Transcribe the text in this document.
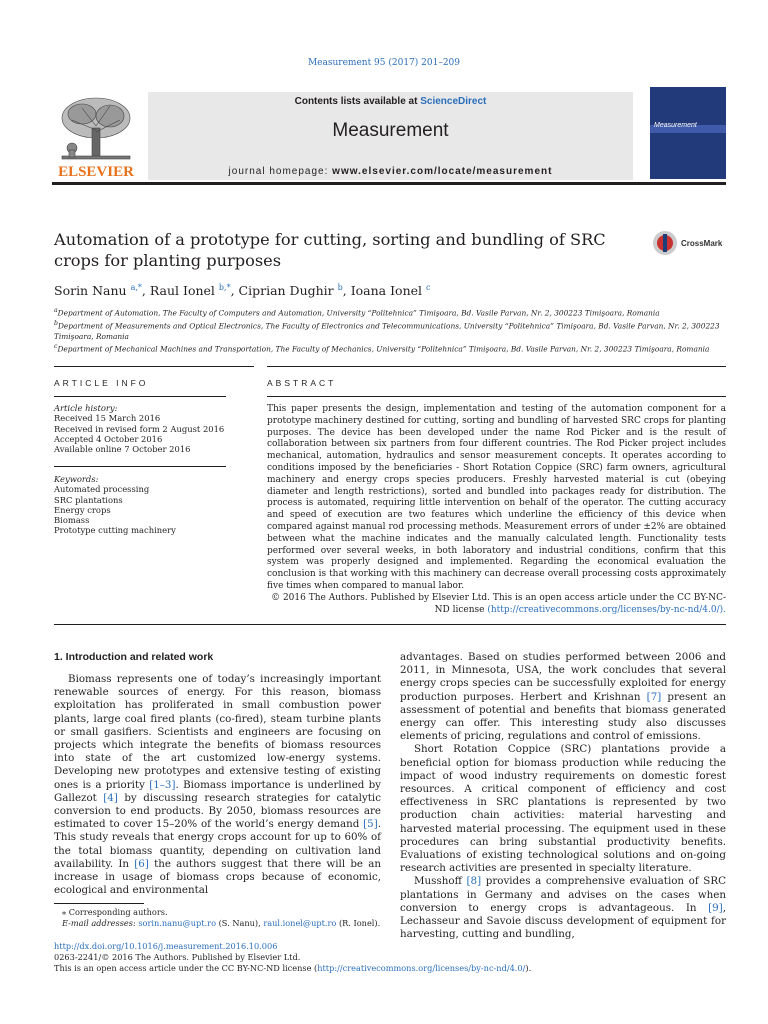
Measurement 95 (2017) 201–209
ELSEVIER
Contents lists available at ScienceDirect
Measurement
journal homepage: www.elsevier.com/locate/measurement
Measurement
Automation of a prototype for cutting, sorting and bundling of SRC crops for planting purposes
CrossMark
Sorin Nanu $^{a,*}$, Raul Ionel $^{b,*}$, Ciprian Dughir $^b$, Ioana Ionel $^c$
$^a$Department of Automation, The Faculty of Computers and Automation, University “Politehnica” Timişoara, Bd. Vasile Parvan, Nr. 2, 300223 Timişoara, Romania
$^b$Department of Measurements and Optical Electronics, The Faculty of Electronics and Telecommunications, University “Politehnica” Timişoara, Bd. Vasile Parvan, Nr. 2, 300223 Timişoara, Romania
$^c$Department of Mechanical Machines and Transportation, The Faculty of Mechanics, University “Politehnica” Timişoara, Bd. Vasile Parvan, Nr. 2, 300223 Timişoara, Romania
ARTICLE INFO
Article history:
Received 15 March 2016
Received in revised form 2 August 2016
Accepted 4 October 2016
Available online 7 October 2016
Keywords:
Automated processing
SRC plantations
Energy crops
Biomass
Prototype cutting machinery
ABSTRACT
This paper presents the design, implementation and testing of the automation component for a prototype machinery destined for cutting, sorting and bundling of harvested SRC crops for planting purposes. The device has been developed under the name Rod Picker and is the result of collaboration between six partners from four different countries. The Rod Picker project includes mechanical, automation, hydraulics and sensor measurement concepts. It operates according to conditions imposed by the beneficiaries - Short Rotation Coppice (SRC) farm owners, agricultural machinery and energy crops species producers. Freshly harvested material is cut (obeying diameter and length restrictions), sorted and bundled into packages ready for distribution. The process is automated, requiring little intervention on behalf of the operator. The cutting accuracy and speed of execution are two features which underline the efficiency of this device when compared against manual rod processing methods. Measurement errors of under ±2% are obtained between what the machine indicates and the manually calculated length. Functionality tests performed over several weeks, in both laboratory and industrial conditions, confirm that this system was properly designed and implemented. Regarding the economical evaluation the conclusion is that working with this machinery can decrease overall processing costs approximately five times when compared to manual labor.
© 2016 The Authors. Published by Elsevier Ltd. This is an open access article under the CC BY-NC-ND license (http://creativecommons.org/licenses/by-nc-nd/4.0/).
1. Introduction and related work

Biomass represents one of today’s increasingly important renewable sources of energy. For this reason, biomass exploitation has proliferated in small combustion power plants, large coal fired plants (co-fired), steam turbine plants or small gasifiers. Scientists and engineers are focusing on projects which integrate the benefits of biomass resources into state of the art customized low-energy systems. Developing new prototypes and extensive testing of existing ones is a priority [1–3]. Biomass importance is underlined by Gallezot [4] by discussing research strategies for catalytic conversion to end products. By 2050, biomass resources are estimated to cover 15–20% of the world’s energy demand [5]. This study reveals that energy crops account for up to 60% of the total biomass quantity, depending on cultivation land availability. In [6] the authors suggest that there will be an increase in usage of biomass crops because of economic, ecological and environmental

advantages. Based on studies performed between 2006 and 2011, in Minnesota, USA, the work concludes that several energy crops species can be successfully exploited for energy production purposes. Herbert and Krishnan [7] present an assessment of potential and benefits that biomass generated energy can offer. This interesting study also discusses elements of pricing, regulations and control of emissions.

Short Rotation Coppice (SRC) plantations provide a beneficial option for biomass production while reducing the impact of wood industry requirements on domestic forest resources. A critical component of efficiency and cost effectiveness in SRC plantations is represented by two production chain activities: material harvesting and harvested material processing. The equipment used in these procedures can bring substantial productivity benefits. Evaluations of existing technological solutions and on-going research activities are presented in specialty literature.

Musshoff [8] provides a comprehensive evaluation of SRC plantations in Germany and advises on the cases when conversion to energy crops is advantageous. In [9], Lechasseur and Savoie discuss development of equipment for harvesting, cutting and bundling,

⁎ Corresponding authors.
E-mail addresses: sorin.nanu@upt.ro (S. Nanu), raul.ionel@upt.ro (R. Ionel).
http://dx.doi.org/10.1016/j.measurement.2016.10.006
0263-2241/© 2016 The Authors. Published by Elsevier Ltd.
This is an open access article under the CC BY-NC-ND license (http://creativecommons.org/licenses/by-nc-nd/4.0/).
